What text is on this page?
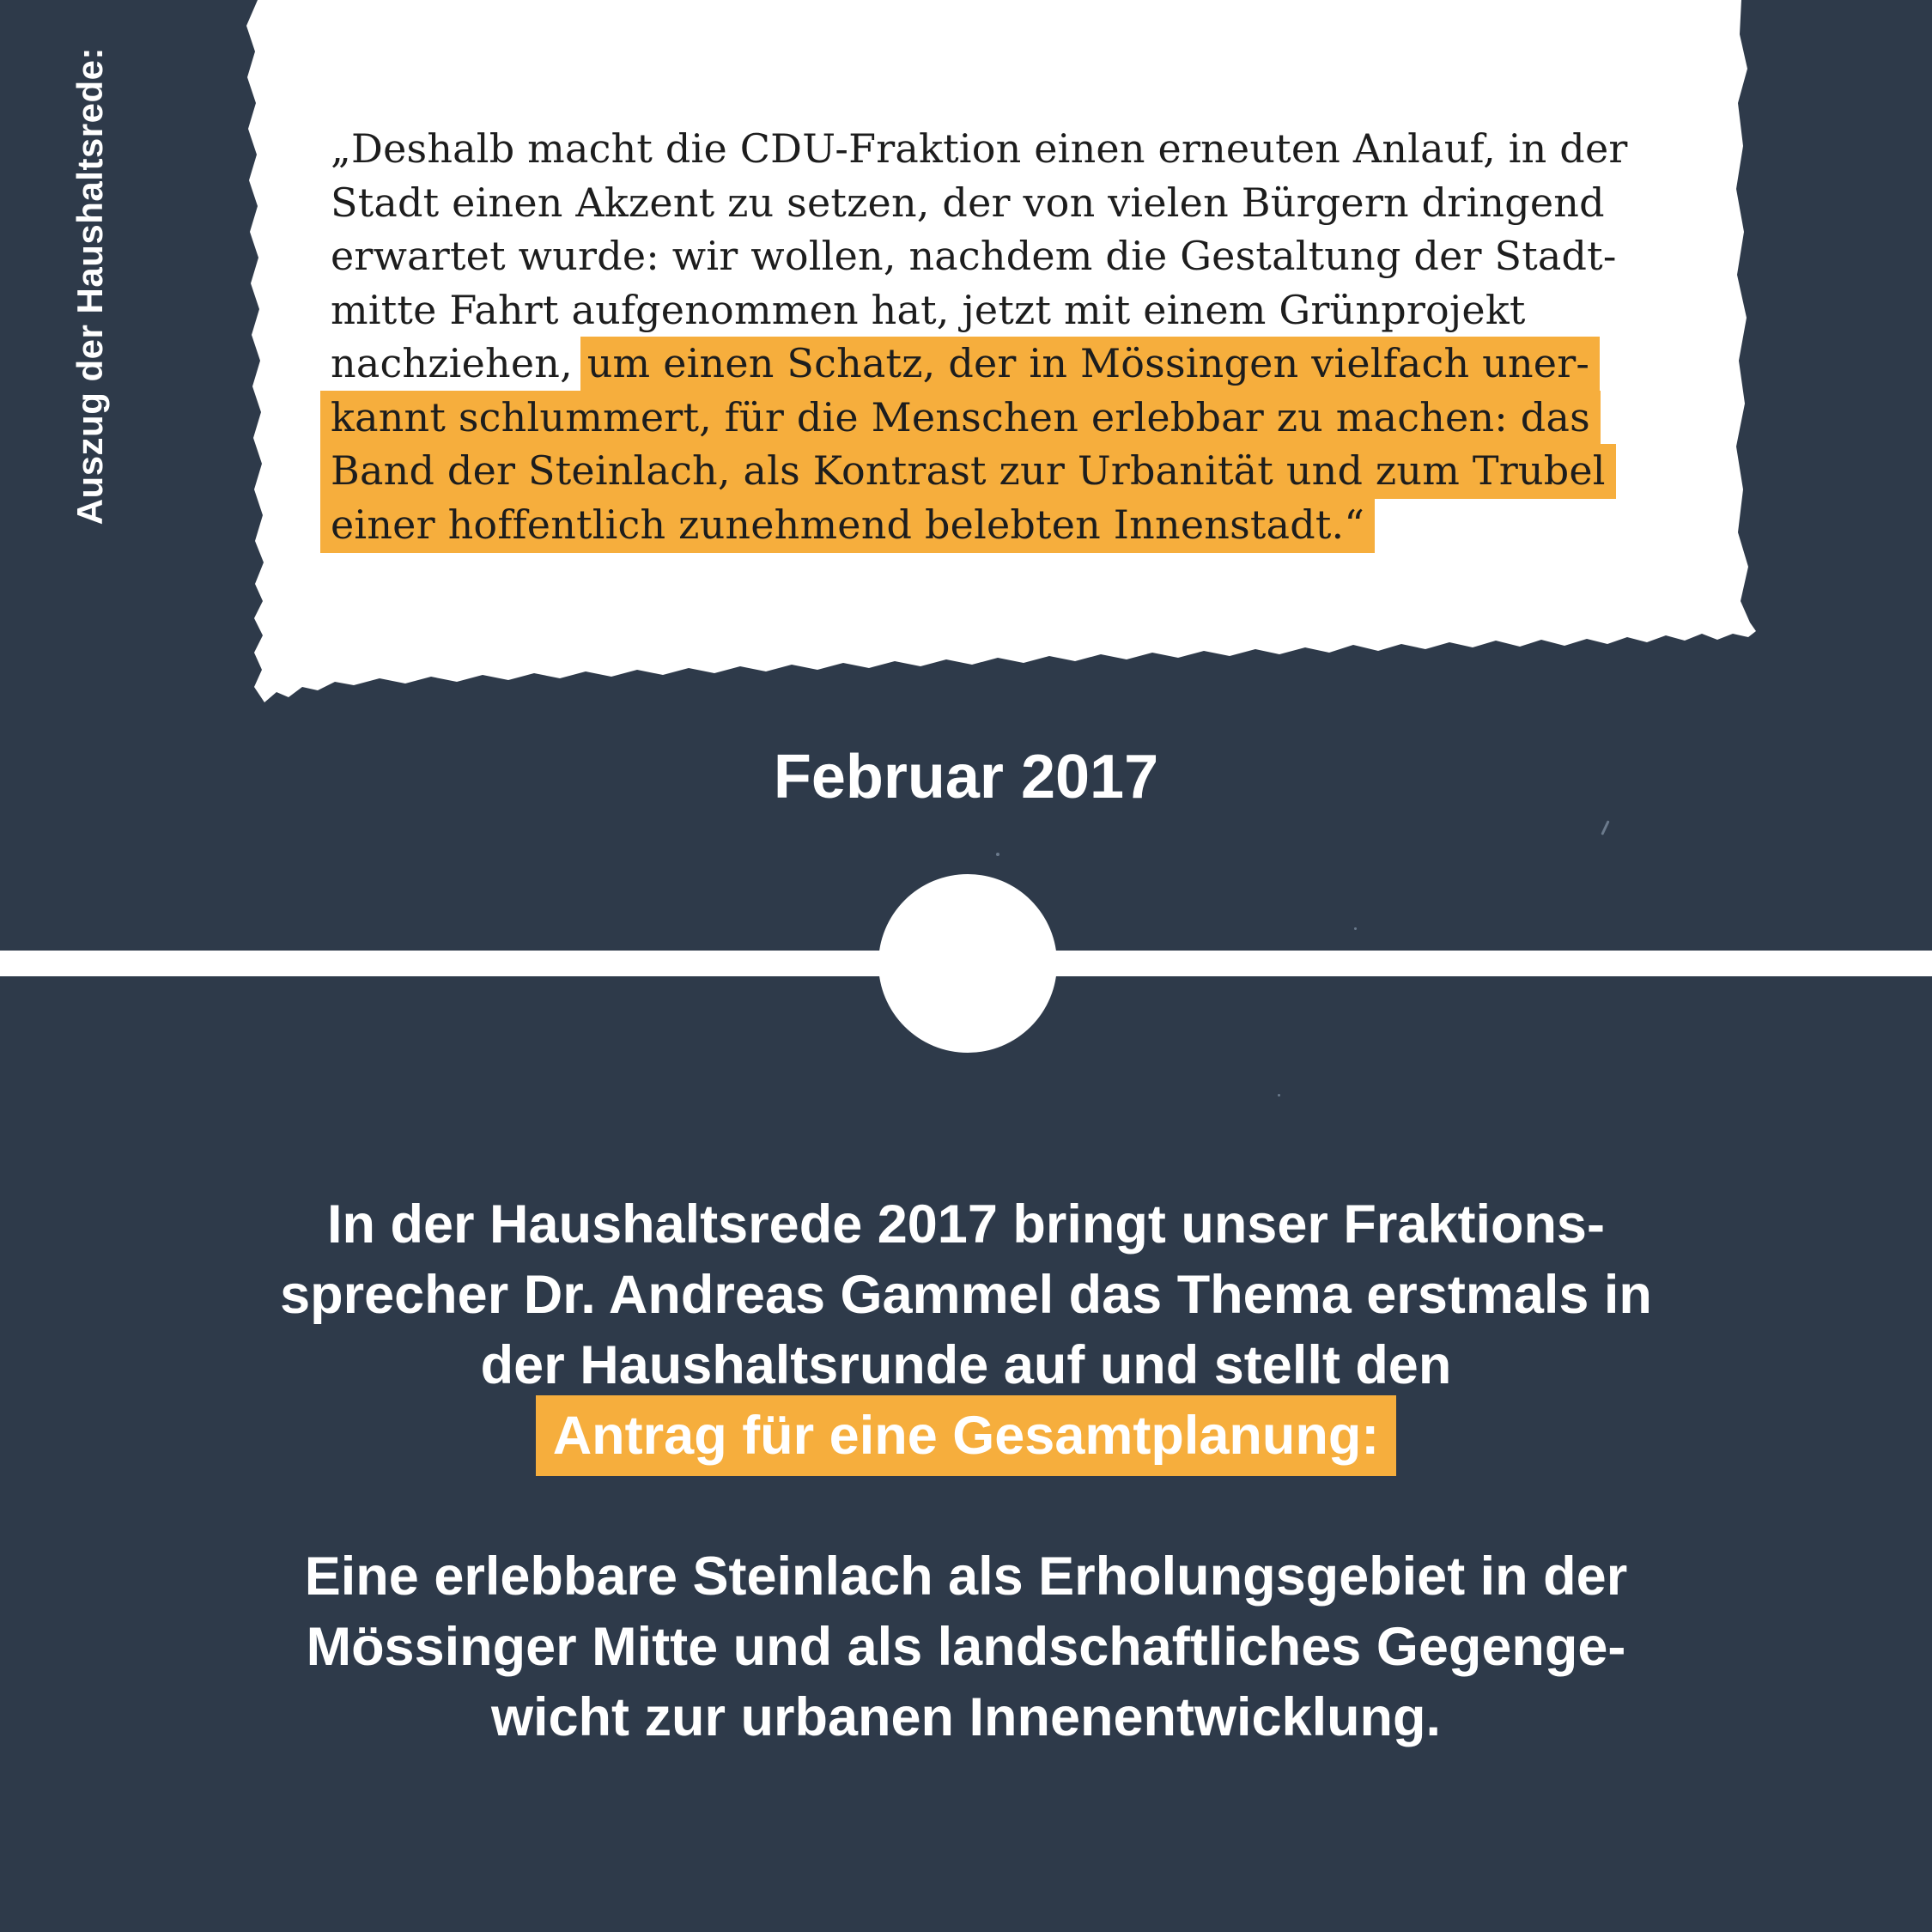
Auszug der Haushaltsrede:	„Deshalb macht die CDU-Fraktion einen erneuten Anlauf, in der
Stadt einen Akzent zu setzen, der von vielen Bürgern dringend
erwartet wurde: wir wollen, nachdem die Gestaltung der Stadt-
mitte Fahrt aufgenommen hat, jetzt mit einem Grünprojekt
nachziehen, um einen Schatz, der in Mössingen vielfach uner-
kannt schlummert, für die Menschen erlebbar zu machen: das
Band der Steinlach, als Kontrast zur Urbanität und zum Trubel
einer hoffentlich zunehmend belebten Innenstadt.“
Februar 2017
In der Haushaltsrede 2017 bringt unser Fraktions-
sprecher Dr. Andreas Gammel das Thema erstmals in
der Haushaltsrunde auf und stellt den
Antrag für eine Gesamtplanung:
Eine erlebbare Steinlach als Erholungsgebiet in der
Mössinger Mitte und als landschaftliches Gegenge-
wicht zur urbanen Innenentwicklung.
